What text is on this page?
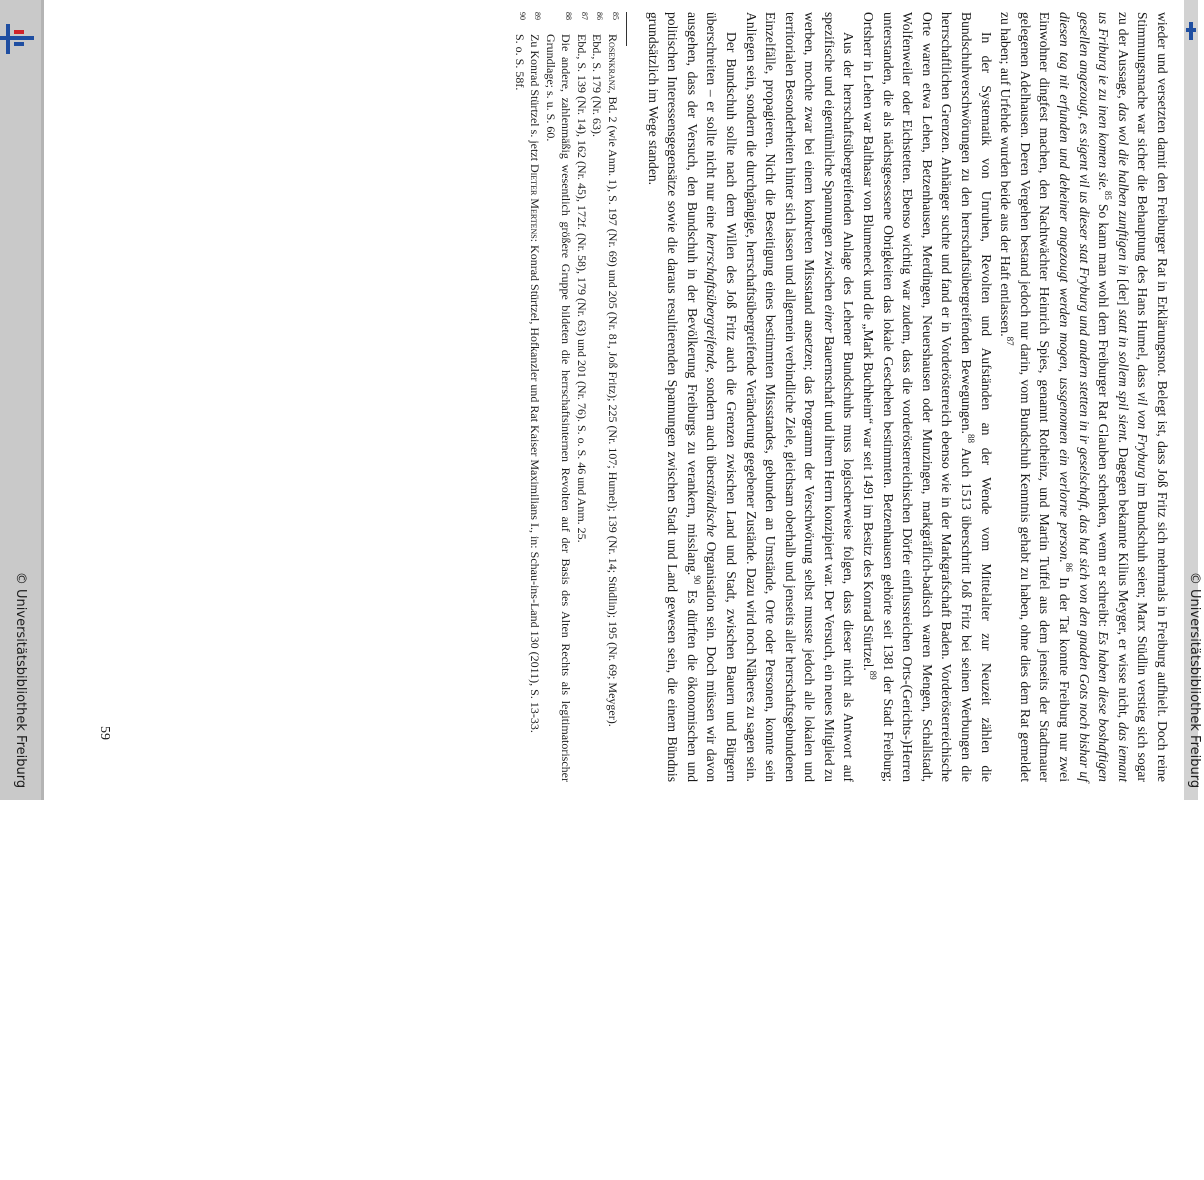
© Universitätsbibliothek Freiburg	© Universitätsbibliothek Freiburg

wieder und versetzten damit den Freiburger Rat in Erklärungsnot. Belegt ist, dass Joß Fritz sich mehrmals in Freiburg aufhielt. Doch reine Stimmungsmache war sicher die Behauptung des Hans Humel, dass vil von Fryburg im Bundschuh seien; Marx Stüdlin verstieg sich sogar zu der Aussage, das wol die halben zunftigen in [der] statt in sollem spil sient. Dagegen bekannte Kilius Meyger, er wisse nicht, das iemant us Friburg ie zu inen komen sie.$^{85}$ So kann man wohl dem Freiburger Rat Glauben schenken, wenn er schreibt: Es haben diese boshaftigen gesellen angezougt, es sigent vil us dieser stat Fryburg und andern stetten in ir geselschaft, das hat sich von den gnaden Gots noch bishar uf diesen tag nit erfunden und deheiner angezougt werden mogen, ussgenomen ein verlorne person.$^{86}$ In der Tat konnte Freiburg nur zwei Einwohner dingfest machen, den Nachtwächter Heinrich Spies, genannt Rotheinz, und Martin Tuffel aus dem jenseits der Stadtmauer gelegenen Adelhausen. Deren Vergehen bestand jedoch nur darin, vom Bundschuh Kenntnis gehabt zu haben, ohne dies dem Rat gemeldet zu haben; auf Urfehde wurden beide aus der Haft entlassen.$^{87}$

In der Systematik von Unruhen, Revolten und Aufständen an der Wende vom Mittelalter zur Neuzeit zählen die Bundschuhverschwörungen zu den herrschaftsübergreifenden Bewegungen.$^{88}$ Auch 1513 überschritt Joß Fritz bei seinen Werbungen die herrschaftlichen Grenzen. Anhänger suchte und fand er in Vorderösterreich ebenso wie in der Markgrafschaft Baden. Vorderösterreichische Orte waren etwa Lehen, Betzenhausen, Merdingen, Neuershausen oder Munzingen, markgräflich-badisch waren Mengen, Schallstadt, Wolfenweiler oder Eichstetten. Ebenso wichtig war zudem, dass die vorderösterreichischen Dörfer einflussreichen Orts-(Gerichts-)Herren unterstanden, die als nächstgesessene Obrigkeiten das lokale Geschehen bestimmten. Betzenhausen gehörte seit 1381 der Stadt Freiburg; Ortsherr in Lehen war Balthasar von Blumeneck und die „Mark Buchheim“ war seit 1491 im Besitz des Konrad Stürtzel.$^{89}$

Aus der herrschaftsübergreifenden Anlage des Lehener Bundschuhs muss logischerweise folgen, dass dieser nicht als Antwort auf spezifische und eigentümliche Spannungen zwischen einer Bauernschaft und ihrem Herrn konzipiert war. Der Versuch, ein neues Mitglied zu werben, mochte zwar bei einem konkreten Missstand ansetzen; das Programm der Verschwörung selbst musste jedoch alle lokalen und territorialen Besonderheiten hinter sich lassen und allgemein verbindliche Ziele, gleichsam oberhalb und jenseits aller herrschaftsgebundenen Einzelfälle, propagieren. Nicht die Beseitigung eines bestimmten Missstandes, gebunden an Umstände, Orte oder Personen, konnte sein Anliegen sein, sondern die durchgängige, herrschaftsübergreifende Veränderung gegebener Zustände. Dazu wird noch Näheres zu sagen sein.

Der Bundschuh sollte nach dem Willen des Joß Fritz auch die Grenzen zwischen Land und Stadt, zwischen Bauern und Bürgern überschreiten – er sollte nicht nur eine herrschaftsübergreifende, sondern auch überständische Organisation sein. Doch müssen wir davon ausgehen, dass der Versuch, den Bundschuh in der Bevölkerung Freiburgs zu verankern, misslang.$^{90}$ Es dürften die ökonomischen und politischen Interessensgegensätze sowie die daraus resultierenden Spannungen zwischen Stadt und Land gewesen sein, die einem Bündnis grundsätzlich im Wege standen.

85
Rosenkranz, Bd. 2 (wie Anm. 1), S. 197 (Nr. 69) und 205 (Nr. 81, Joß Fritz); 225 (Nr. 107; Humel); 139 (Nr. 14; Stüdlin); 195 (Nr. 69; Meyger).

86
Ebd., S. 179 (Nr. 63).

87
Ebd., S. 139 (Nr. 14), 162 (Nr. 45), 172f. (Nr. 58), 179 (Nr. 63) und 201 (Nr. 76). S. o. S. 46 und Anm. 25.

88
Die andere, zahlenmäßig wesentlich größere Gruppe bildeten die herrschaftsinternen Revolten auf der Basis des Alten Rechts als legitimatorischer Grundlage; s. u. S. 60.

89
Zu Konrad Stürtzel s. jetzt Dieter Mertens: Konrad Stürtzel, Hofkanzler und Rat Kaiser Maximilians I., in: Schau-ins-Land 130 (2011), S. 13-33.

90
S. o. S. 58f.

59
